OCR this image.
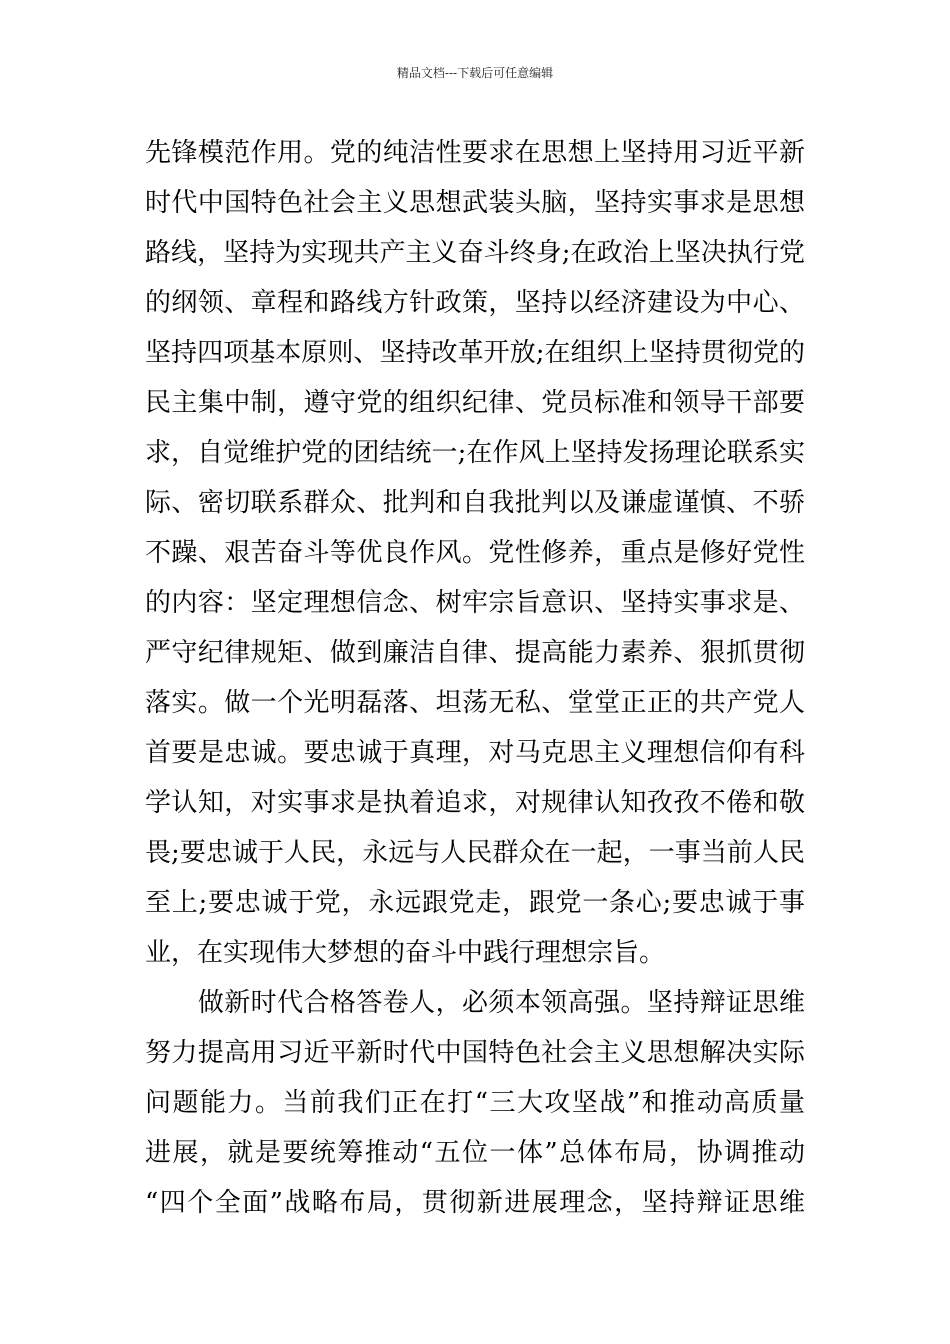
精品文档---下载后可任意编辑
先锋模范作用。党的纯洁性要求在思想上坚持用习近平新
时代中国特色社会主义思想武装头脑，坚持实事求是思想
路线，坚持为实现共产主义奋斗终身;在政治上坚决执行党
的纲领、章程和路线方针政策，坚持以经济建设为中心、
坚持四项基本原则、坚持改革开放;在组织上坚持贯彻党的
民主集中制，遵守党的组织纪律、党员标准和领导干部要
求，自觉维护党的团结统一;在作风上坚持发扬理论联系实
际、密切联系群众、批判和自我批判以及谦虚谨慎、不骄
不躁、艰苦奋斗等优良作风。党性修养，重点是修好党性
的内容：坚定理想信念、树牢宗旨意识、坚持实事求是、
严守纪律规矩、做到廉洁自律、提高能力素养、狠抓贯彻
落实。做一个光明磊落、坦荡无私、堂堂正正的共产党人
首要是忠诚。要忠诚于真理，对马克思主义理想信仰有科
学认知，对实事求是执着追求，对规律认知孜孜不倦和敬
畏;要忠诚于人民，永远与人民群众在一起，一事当前人民
至上;要忠诚于党，永远跟党走，跟党一条心;要忠诚于事
业，在实现伟大梦想的奋斗中践行理想宗旨。
　　做新时代合格答卷人，必须本领高强。坚持辩证思维
努力提高用习近平新时代中国特色社会主义思想解决实际
问题能力。当前我们正在打“三大攻坚战”和推动高质量
进展，就是要统筹推动“五位一体”总体布局，协调推动
“四个全面”战略布局，贯彻新进展理念，坚持辩证思维
